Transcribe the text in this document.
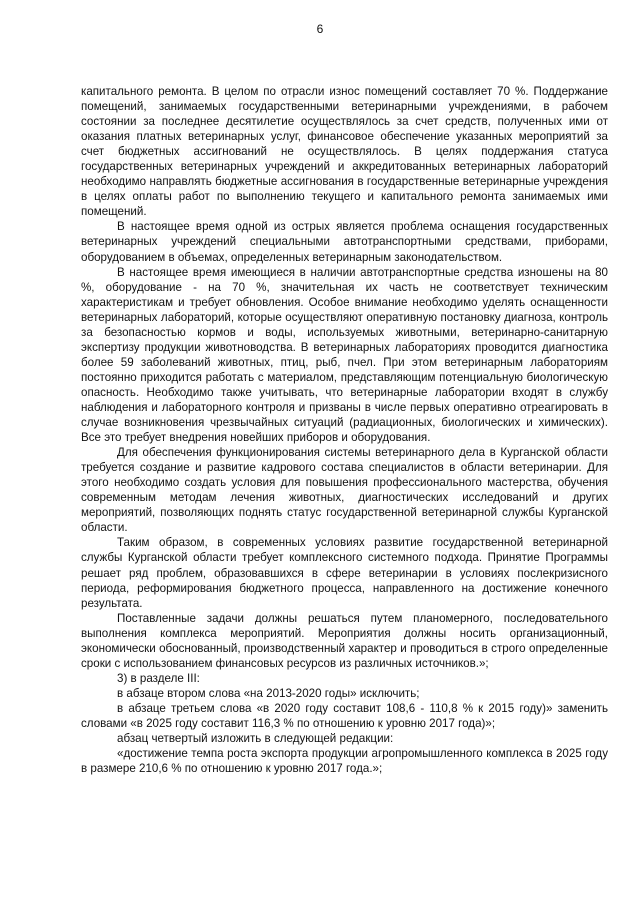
6

капитального ремонта. В целом по отрасли износ помещений составляет 70 %. Поддержание помещений, занимаемых государственными ветеринарными учреждениями, в рабочем состоянии за последнее десятилетие осуществлялось за счет средств, полученных ими от оказания платных ветеринарных услуг, финансовое обеспечение указанных мероприятий за счет бюджетных ассигнований не осуществлялось. В целях поддержания статуса государственных ветеринарных учреждений и аккредитованных ветеринарных лабораторий необходимо направлять бюджетные ассигнования в государственные ветеринарные учреждения в целях оплаты работ по выполнению текущего и капитального ремонта занимаемых ими помещений.

В настоящее время одной из острых является проблема оснащения государственных ветеринарных учреждений специальными автотранспортными средствами, приборами, оборудованием в объемах, определенных ветеринарным законодательством.

В настоящее время имеющиеся в наличии автотранспортные средства изношены на 80 %, оборудование - на 70 %, значительная их часть не соответствует техническим характеристикам и требует обновления. Особое внимание необходимо уделять оснащенности ветеринарных лабораторий, которые осуществляют оперативную постановку диагноза, контроль за безопасностью кормов и воды, используемых животными, ветеринарно-санитарную экспертизу продукции животноводства. В ветеринарных лабораториях проводится диагностика более 59 заболеваний животных, птиц, рыб, пчел. При этом ветеринарным лабораториям постоянно приходится работать с материалом, представляющим потенциальную биологическую опасность. Необходимо также учитывать, что ветеринарные лаборатории входят в службу наблюдения и лабораторного контроля и призваны в числе первых оперативно отреагировать в случае возникновения чрезвычайных ситуаций (радиационных, биологических и химических). Все это требует внедрения новейших приборов и оборудования.

Для обеспечения функционирования системы ветеринарного дела в Курганской области требуется создание и развитие кадрового состава специалистов в области ветеринарии. Для этого необходимо создать условия для повышения профессионального мастерства, обучения современным методам лечения животных, диагностических исследований и других мероприятий, позволяющих поднять статус государственной ветеринарной службы Курганской области.

Таким образом, в современных условиях развитие государственной ветеринарной службы Курганской области требует комплексного системного подхода. Принятие Программы решает ряд проблем, образовавшихся в сфере ветеринарии в условиях послекризисного периода, реформирования бюджетного процесса, направленного на достижение конечного результата.

Поставленные задачи должны решаться путем планомерного, последовательного выполнения комплекса мероприятий. Мероприятия должны носить организационный, экономически обоснованный, производственный характер и проводиться в строго определенные сроки с использованием финансовых ресурсов из различных источников.»;

3) в разделе III:

в абзаце втором слова «на 2013-2020 годы» исключить;

в абзаце третьем слова «в 2020 году составит 108,6 - 110,8 % к 2015 году)» заменить словами «в 2025 году составит 116,3 % по отношению к уровню 2017 года)»;

абзац четвертый изложить в следующей редакции:

«достижение темпа роста экспорта продукции агропромышленного комплекса в 2025 году в размере 210,6 % по отношению к уровню 2017 года.»;
